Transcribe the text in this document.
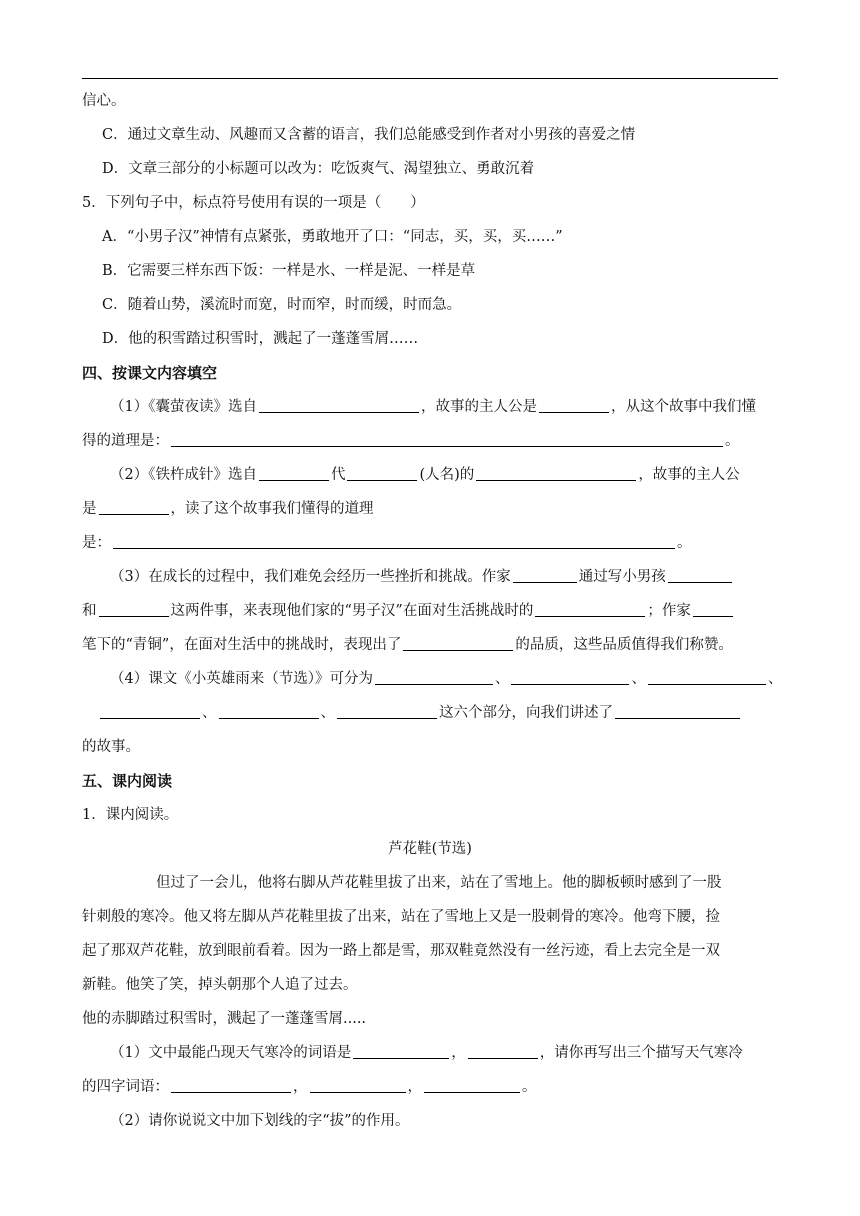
信心。
C．通过文章生动、风趣而又含蓄的语言，我们总能感受到作者对小男孩的喜爱之情
D．文章三部分的小标题可以改为：吃饭爽气、渴望独立、勇敢沉着
5．下列句子中，标点符号使用有误的一项是（　　）
A．“小男子汉”神情有点紧张，勇敢地开了口：“同志，买，买，买……”
B．它需要三样东西下饭：一样是水、一样是泥、一样是草
C．随着山势，溪流时而宽，时而窄，时而缓，时而急。
D．他的积雪踏过积雪时，溅起了一蓬蓬雪屑……
四、按课文内容填空
（1）《囊萤夜读》选自	，故事的主人公是	，从这个故事中我们懂
得的道理是：	。
（2）《铁杵成针》选自	代	(人名)的	，故事的主人公
是	，读了这个故事我们懂得的道理
是：	。
（3）在成长的过程中，我们难免会经历一些挫折和挑战。作家	通过写小男孩
和	这两件事，来表现他们家的“男子汉”在面对生活挑战时的	；作家
笔下的“青铜”，在面对生活中的挑战时，表现出了	的品质，这些品质值得我们称赞。
（4）课文《小英雄雨来（节选）》可分为	、	、	、
、	、	这六个部分，向我们讲述了
的故事。
五、课内阅读
1．课内阅读。
芦花鞋(节选)
但过了一会儿，他将右脚从芦花鞋里拔了出来，站在了雪地上。他的脚板顿时感到了一股
针刺般的寒冷。他又将左脚从芦花鞋里拔了出来，站在了雪地上又是一股刺骨的寒冷。他弯下腰，捡
起了那双芦花鞋，放到眼前看着。因为一路上都是雪，那双鞋竟然没有一丝污迹，看上去完全是一双
新鞋。他笑了笑，掉头朝那个人追了过去。
他的赤脚踏过积雪时，溅起了一蓬蓬雪屑.....
（1）文中最能凸现天气寒冷的词语是	，	，请你再写出三个描写天气寒冷
的四字词语：	，	，	。
（2）请你说说文中加下划线的字“拔”的作用。
